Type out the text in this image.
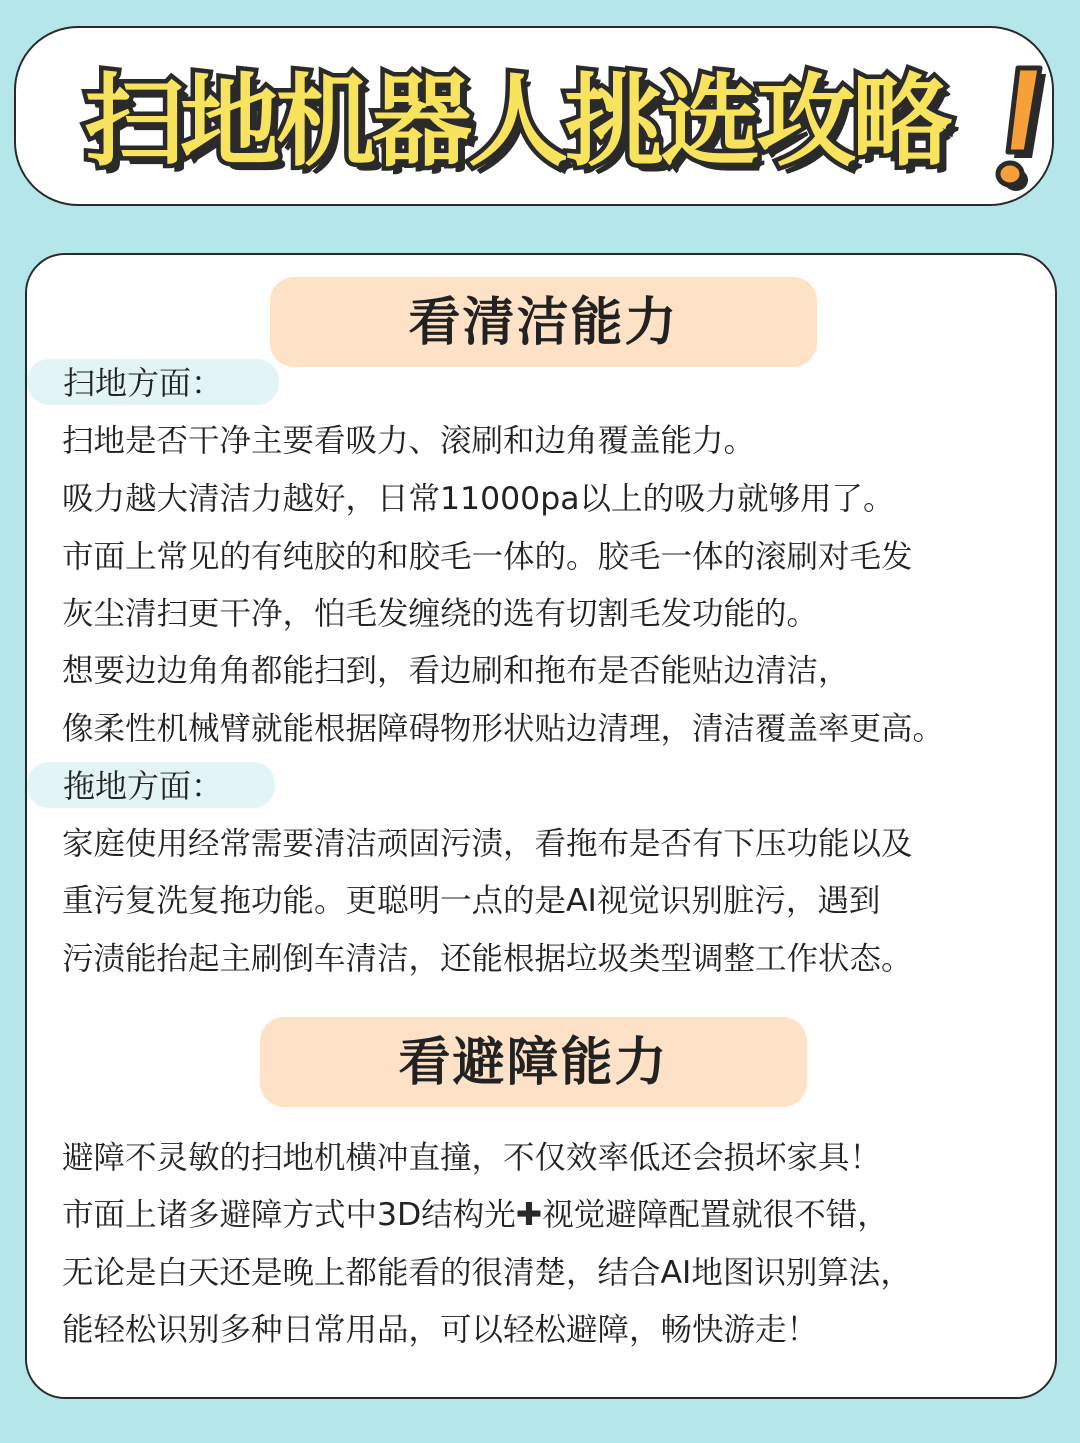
扫地机器人挑选攻略
看清洁能力
扫地方面：
扫地是否干净主要看吸力、滚刷和边角覆盖能力。
吸力越大清洁力越好，日常11000pa以上的吸力就够用了。
市面上常见的有纯胶的和胶毛一体的。胶毛一体的滚刷对毛发
灰尘清扫更干净，怕毛发缠绕的选有切割毛发功能的。
想要边边角角都能扫到，看边刷和拖布是否能贴边清洁，
像柔性机械臂就能根据障碍物形状贴边清理，清洁覆盖率更高。
拖地方面：
家庭使用经常需要清洁顽固污渍，看拖布是否有下压功能以及
重污复洗复拖功能。更聪明一点的是AI视觉识别脏污，遇到
污渍能抬起主刷倒车清洁，还能根据垃圾类型调整工作状态。
看避障能力
避障不灵敏的扫地机横冲直撞，不仅效率低还会损坏家具！
市面上诸多避障方式中3D结构光✚视觉避障配置就很不错，
无论是白天还是晚上都能看的很清楚，结合AI地图识别算法，
能轻松识别多种日常用品，可以轻松避障，畅快游走！
